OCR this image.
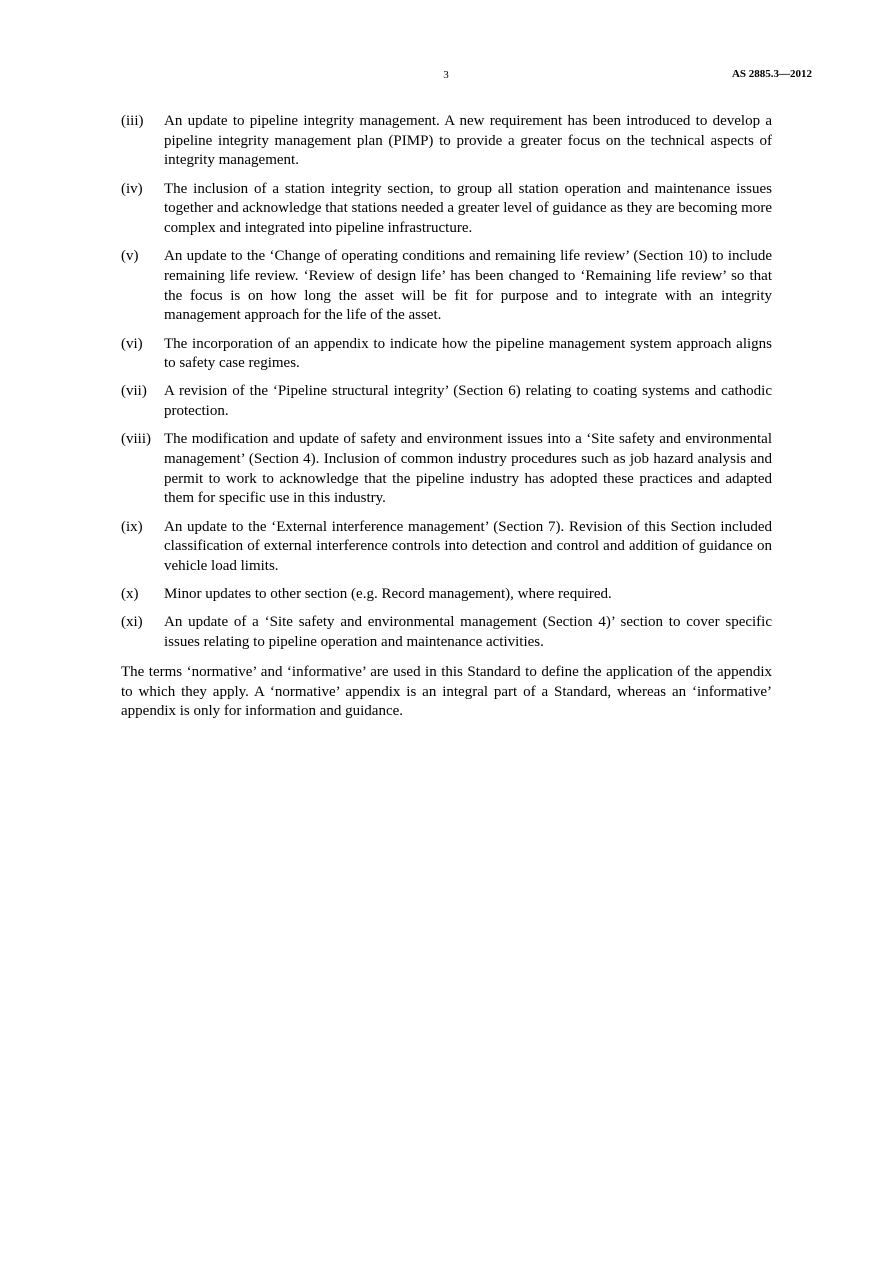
3	AS 2885.3—2012
(iii)	An update to pipeline integrity management. A new requirement has been introduced to develop a pipeline integrity management plan (PIMP) to provide a greater focus on the technical aspects of integrity management.
(iv)	The inclusion of a station integrity section, to group all station operation and maintenance issues together and acknowledge that stations needed a greater level of guidance as they are becoming more complex and integrated into pipeline infrastructure.
(v)	An update to the ‘Change of operating conditions and remaining life review’ (Section 10) to include remaining life review. ‘Review of design life’ has been changed to ‘Remaining life review’ so that the focus is on how long the asset will be fit for purpose and to integrate with an integrity management approach for the life of the asset.
(vi)	The incorporation of an appendix to indicate how the pipeline management system approach aligns to safety case regimes.
(vii)	A revision of the ‘Pipeline structural integrity’ (Section 6) relating to coating systems and cathodic protection.
(viii) The modification and update of safety and environment issues into a ‘Site safety and environmental management’ (Section 4). Inclusion of common industry procedures such as job hazard analysis and permit to work to acknowledge that the pipeline industry has adopted these practices and adapted them for specific use in this industry.
(ix)	An update to the ‘External interference management’ (Section 7). Revision of this Section included classification of external interference controls into detection and control and addition of guidance on vehicle load limits.
(x)	Minor updates to other section (e.g. Record management), where required.
(xi)	An update of a ‘Site safety and environmental management (Section 4)’ section to cover specific issues relating to pipeline operation and maintenance activities.

The terms ‘normative’ and ‘informative’ are used in this Standard to define the application of the appendix to which they apply. A ‘normative’ appendix is an integral part of a Standard, whereas an ‘informative’ appendix is only for information and guidance.
